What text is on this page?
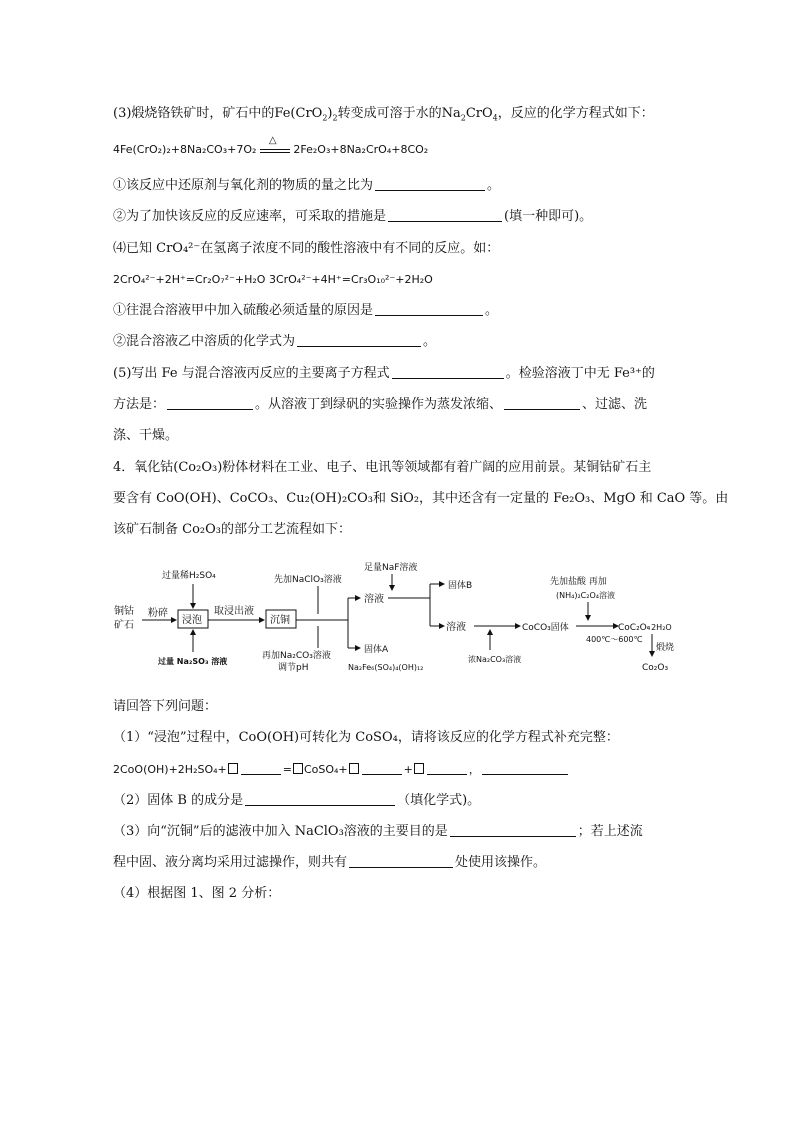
(3)煅烧铬铁矿时，矿石中的$Fe(CrO_2)_2$转变成可溶于水的$Na_2CrO_4$，反应的化学方程式如下：
4Fe(CrO₂)₂+8Na₂CO₃+7O₂
△
2Fe₂O₃+8Na₂CrO₄+8CO₂
①该反应中还原剂与氧化剂的物质的量之比为	。
②为了加快该反应的反应速率，可采取的措施是	(填一种即可)。
⑷已知 CrO₄²⁻在氢离子浓度不同的酸性溶液中有不同的反应。如：
2CrO₄²⁻+2H⁺=Cr₂O₇²⁻+H₂O 3CrO₄²⁻+4H⁺=Cr₃O₁₀²⁻+2H₂O
①往混合溶液甲中加入硫酸必须适量的原因是	。
②混合溶液乙中溶质的化学式为	。
(5)写出 Fe 与混合溶液丙反应的主要离子方程式	。检验溶液丁中无 Fe³⁺的
方法是：	。从溶液丁到绿矾的实验操作为蒸发浓缩、	、过滤、洗
涤、干燥。
4．氧化钴(Co₂O₃)粉体材料在工业、电子、电讯等领域都有着广阔的应用前景。某铜钴矿石主
要含有 CoO(OH)、CoCO₃、Cu₂(OH)₂CO₃和 SiO₂，其中还含有一定量的 Fe₂O₃、MgO 和 CaO 等。由
该矿石制备 Co₂O₃的部分工艺流程如下：
铜钴
矿石
粉碎
过量稀H₂SO₄
浸泡
过量 Na₂SO₃ 溶液
取浸出液
沉铜
先加NaClO₃溶液
再加Na₂CO₃溶液
调节pH
足量NaF溶液
溶液
固体B
固体A
Na₂Fe₆(SO₄)₄(OH)₁₂
溶液
浓Na₂CO₃溶液
CoCO₃固体
先加盐酸 再加
(NH₄)₂C₂O₄溶液
CoC₂O₄
· 2H₂O
400℃～600℃
煅烧
Co₂O₃
请回答下列问题：
（1）“浸泡”过程中，CoO(OH)可转化为 CoSO₄，请将该反应的化学方程式补充完整：
2CoO(OH)+2H₂SO₄+	= CoSO₄+	+	，
（2）固体 B 的成分是	（填化学式)。
（3）向“沉铜”后的滤液中加入 NaClO₃溶液的主要目的是	；若上述流
程中固、液分离均采用过滤操作，则共有	处使用该操作。
（4）根据图 1、图 2 分析：
